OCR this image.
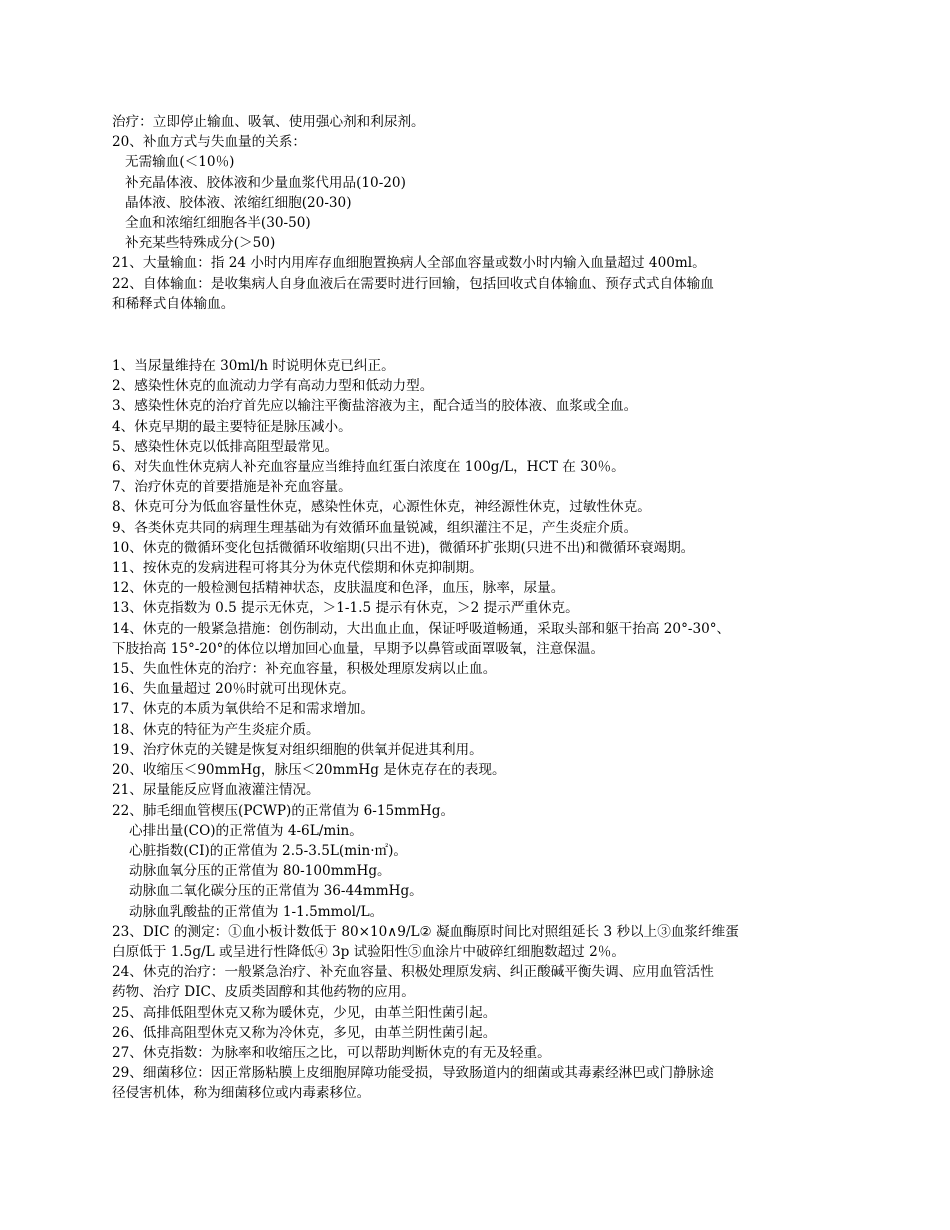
治疗：立即停止输血、吸氧、使用强心剂和利尿剂。
20、补血方式与失血量的关系：
无需输血(＜10％)
补充晶体液、胶体液和少量血浆代用品(10-20)
晶体液、胶体液、浓缩红细胞(20-30)
全血和浓缩红细胞各半(30-50)
补充某些特殊成分(＞50)
21、大量输血：指 24 小时内用库存血细胞置换病人全部血容量或数小时内输入血量超过 400ml。
22、自体输血：是收集病人自身血液后在需要时进行回输，包括回收式自体输血、预存式式自体输血
和稀释式自体输血。
1、当尿量维持在 30ml/h 时说明休克已纠正。
2、感染性休克的血流动力学有高动力型和低动力型。
3、感染性休克的治疗首先应以输注平衡盐溶液为主，配合适当的胶体液、血浆或全血。
4、休克早期的最主要特征是脉压减小。
5、感染性休克以低排高阻型最常见。
6、对失血性休克病人补充血容量应当维持血红蛋白浓度在 100g/L，HCT 在 30％。
7、治疗休克的首要措施是补充血容量。
8、休克可分为低血容量性休克，感染性休克，心源性休克，神经源性休克，过敏性休克。
9、各类休克共同的病理生理基础为有效循环血量锐减，组织灌注不足，产生炎症介质。
10、休克的微循环变化包括微循环收缩期(只出不进)，微循环扩张期(只进不出)和微循环衰竭期。
11、按休克的发病进程可将其分为休克代偿期和休克抑制期。
12、休克的一般检测包括精神状态，皮肤温度和色泽，血压，脉率，尿量。
13、休克指数为 0.5 提示无休克，＞1-1.5 提示有休克，＞2 提示严重休克。
14、休克的一般紧急措施：创伤制动，大出血止血，保证呼吸道畅通，采取头部和躯干抬高 20°-30°、
下肢抬高 15°-20°的体位以增加回心血量，早期予以鼻管或面罩吸氧，注意保温。
15、失血性休克的治疗：补充血容量，积极处理原发病以止血。
16、失血量超过 20％时就可出现休克。
17、休克的本质为氧供给不足和需求增加。
18、休克的特征为产生炎症介质。
19、治疗休克的关键是恢复对组织细胞的供氧并促进其利用。
20、收缩压＜90mmHg，脉压＜20mmHg 是休克存在的表现。
21、尿量能反应肾血液灌注情况。
22、肺毛细血管楔压(PCWP)的正常值为 6-15mmHg。
心排出量(CO)的正常值为 4-6L/min。
心脏指数(CI)的正常值为 2.5-3.5L(min·㎡)。
动脉血氧分压的正常值为 80-100mmHg。
动脉血二氧化碳分压的正常值为 36-44mmHg。
动脉血乳酸盐的正常值为 1-1.5mmol/L。
23、DIC 的测定：①血小板计数低于 80×10∧9/L② 凝血酶原时间比对照组延长 3 秒以上③血浆纤维蛋
白原低于 1.5g/L 或呈进行性降低④ 3p 试验阳性⑤血涂片中破碎红细胞数超过 2％。
24、休克的治疗：一般紧急治疗、补充血容量、积极处理原发病、纠正酸碱平衡失调、应用血管活性
药物、治疗 DIC、皮质类固醇和其他药物的应用。
25、高排低阻型休克又称为暖休克，少见，由革兰阳性菌引起。
26、低排高阻型休克又称为冷休克，多见，由革兰阴性菌引起。
27、休克指数：为脉率和收缩压之比，可以帮助判断休克的有无及轻重。
29、细菌移位：因正常肠粘膜上皮细胞屏障功能受损，导致肠道内的细菌或其毒素经淋巴或门静脉途
径侵害机体，称为细菌移位或内毒素移位。
